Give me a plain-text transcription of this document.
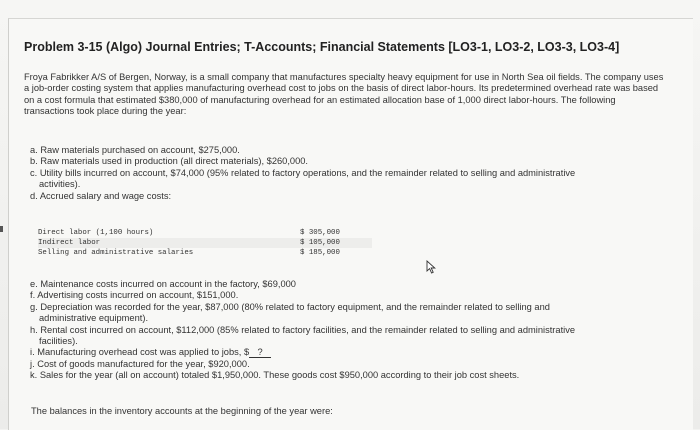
Problem 3-15 (Algo) Journal Entries; T-Accounts; Financial Statements [LO3-1, LO3-2, LO3-3, LO3-4]

Froya Fabrikker A/S of Bergen, Norway, is a small company that manufactures specialty heavy equipment for use in North Sea oil fields. The company uses a job-order costing system that applies manufacturing overhead cost to jobs on the basis of direct labor-hours. Its predetermined overhead rate was based on a cost formula that estimated $380,000 of manufacturing overhead for an estimated allocation base of 1,000 direct labor-hours. The following transactions took place during the year:

a. Raw materials purchased on account, $275,000.
b. Raw materials used in production (all direct materials), $260,000.
c. Utility bills incurred on account, $74,000 (95% related to factory operations, and the remainder related to selling and administrative
activities).
d. Accrued salary and wage costs:
Direct labor (1,100 hours)	$ 305,000
Indirect labor	$ 105,000
Selling and administrative salaries	$ 185,000
e. Maintenance costs incurred on account in the factory, $69,000
f. Advertising costs incurred on account, $151,000.
g. Depreciation was recorded for the year, $87,000 (80% related to factory equipment, and the remainder related to selling and
administrative equipment).
h. Rental cost incurred on account, $112,000 (85% related to factory facilities, and the remainder related to selling and administrative
facilities).
i. Manufacturing overhead cost was applied to jobs, $ ?
j. Cost of goods manufactured for the year, $920,000.
k. Sales for the year (all on account) totaled $1,950,000. These goods cost $950,000 according to their job cost sheets.

The balances in the inventory accounts at the beginning of the year were:
